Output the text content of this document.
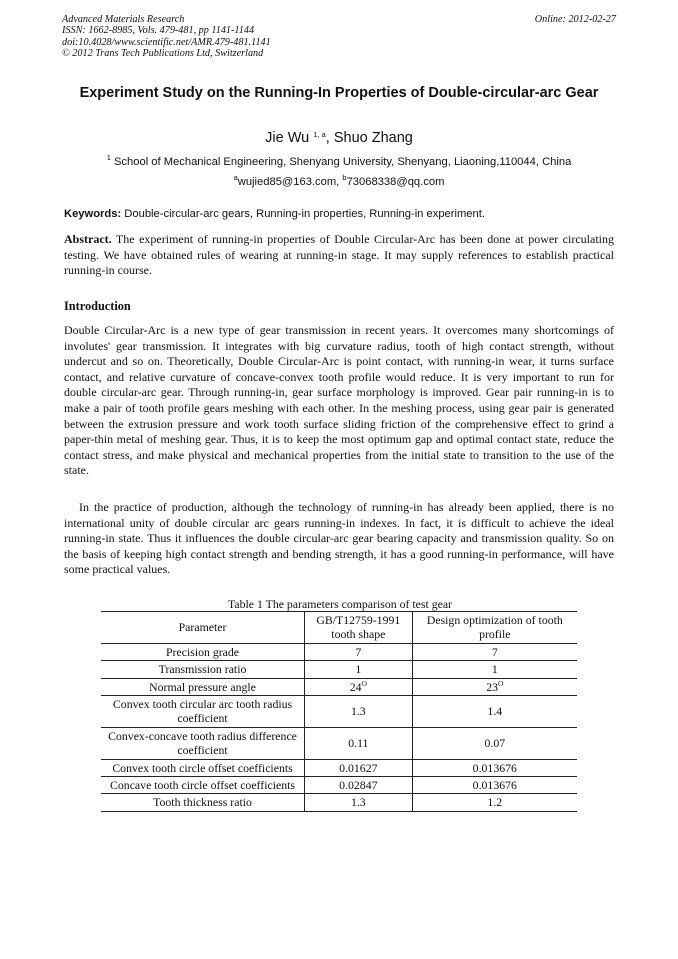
Advanced Materials Research
ISSN: 1662-8985, Vols. 479-481, pp 1141-1144
doi:10.4028/www.scientific.net/AMR.479-481.1141
© 2012 Trans Tech Publications Ltd, Switzerland
Online: 2012-02-27
Experiment Study on the Running-In Properties of Double-circular-arc Gear
Jie Wu $^{1, a}$, Shuo Zhang
$^1$ School of Mechanical Engineering, Shenyang University, Shenyang, Liaoning,110044, China
$^a$wujied85@163.com, $^b$73068338@qq.com
Keywords: Double-circular-arc gears, Running-in properties, Running-in experiment.
Abstract. The experiment of running-in properties of Double Circular-Arc has been done at power circulating testing. We have obtained rules of wearing at running-in stage. It may supply references to establish practical running-in course.
Introduction
Double Circular-Arc is a new type of gear transmission in recent years. It overcomes many shortcomings of involutes' gear transmission. It integrates with big curvature radius, tooth of high contact strength, without undercut and so on. Theoretically, Double Circular-Arc is point contact, with running-in wear, it turns surface contact, and relative curvature of concave-convex tooth profile would reduce. It is very important to run for double circular-arc gear. Through running-in, gear surface morphology is improved. Gear pair running-in is to make a pair of tooth profile gears meshing with each other. In the meshing process, using gear pair is generated between the extrusion pressure and work tooth surface sliding friction of the comprehensive effect to grind a paper-thin metal of meshing gear. Thus, it is to keep the most optimum gap and optimal contact state, reduce the contact stress, and make physical and mechanical properties from the initial state to transition to the use of the state.
In the practice of production, although the technology of running-in has already been applied, there is no international unity of double circular arc gears running-in indexes. In fact, it is difficult to achieve the ideal running-in state. Thus it influences the double circular-arc gear bearing capacity and transmission quality. So on the basis of keeping high contact strength and bending strength, it has a good running-in performance, will have some practical values.
Table 1 The parameters comparison of test gear
Parameter	GB/T12759-1991 tooth shape	Design optimization of tooth profile
Precision grade	7	7
Transmission ratio	1	1
Normal pressure angle	$24^O$	$23^O$
Convex tooth circular arc tooth radius coefficient	1.3	1.4
Convex-concave tooth radius difference coefficient	0.11	0.07
Convex tooth circle offset coefficients	0.01627	0.013676
Concave tooth circle offset coefficients	0.02847	0.013676
Tooth thickness ratio	1.3	1.2
